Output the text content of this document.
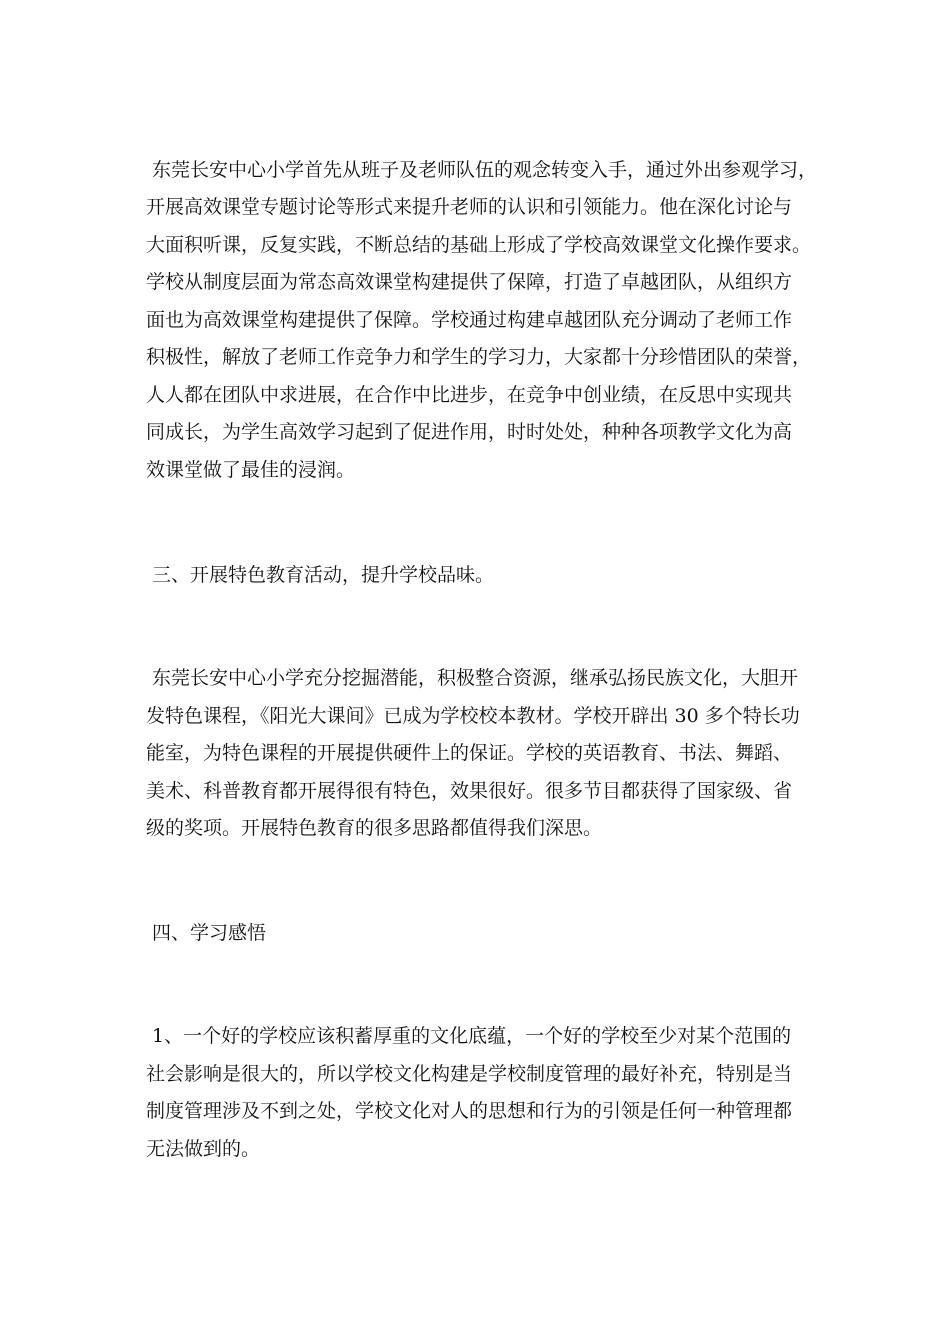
东莞长安中心小学首先从班子及老师队伍的观念转变入手，通过外出参观学习，
开展高效课堂专题讨论等形式来提升老师的认识和引领能力。他在深化讨论与
大面积听课，反复实践，不断总结的基础上形成了学校高效课堂文化操作要求。
学校从制度层面为常态高效课堂构建提供了保障，打造了卓越团队，从组织方
面也为高效课堂构建提供了保障。学校通过构建卓越团队充分调动了老师工作
积极性，解放了老师工作竞争力和学生的学习力，大家都十分珍惜团队的荣誉，
人人都在团队中求进展，在合作中比进步，在竞争中创业绩，在反思中实现共
同成长，为学生高效学习起到了促进作用，时时处处，种种各项教学文化为高
效课堂做了最佳的浸润。
三、开展特色教育活动，提升学校品味。
东莞长安中心小学充分挖掘潜能，积极整合资源，继承弘扬民族文化，大胆开
发特色课程，《阳光大课间》已成为学校校本教材。学校开辟出 30 多个特长功
能室，为特色课程的开展提供硬件上的保证。学校的英语教育、书法、舞蹈、
美术、科普教育都开展得很有特色，效果很好。很多节目都获得了国家级、省
级的奖项。开展特色教育的很多思路都值得我们深思。
四、学习感悟
1、一个好的学校应该积蓄厚重的文化底蕴，一个好的学校至少对某个范围的
社会影响是很大的，所以学校文化构建是学校制度管理的最好补充，特别是当
制度管理涉及不到之处，学校文化对人的思想和行为的引领是任何一种管理都
无法做到的。
